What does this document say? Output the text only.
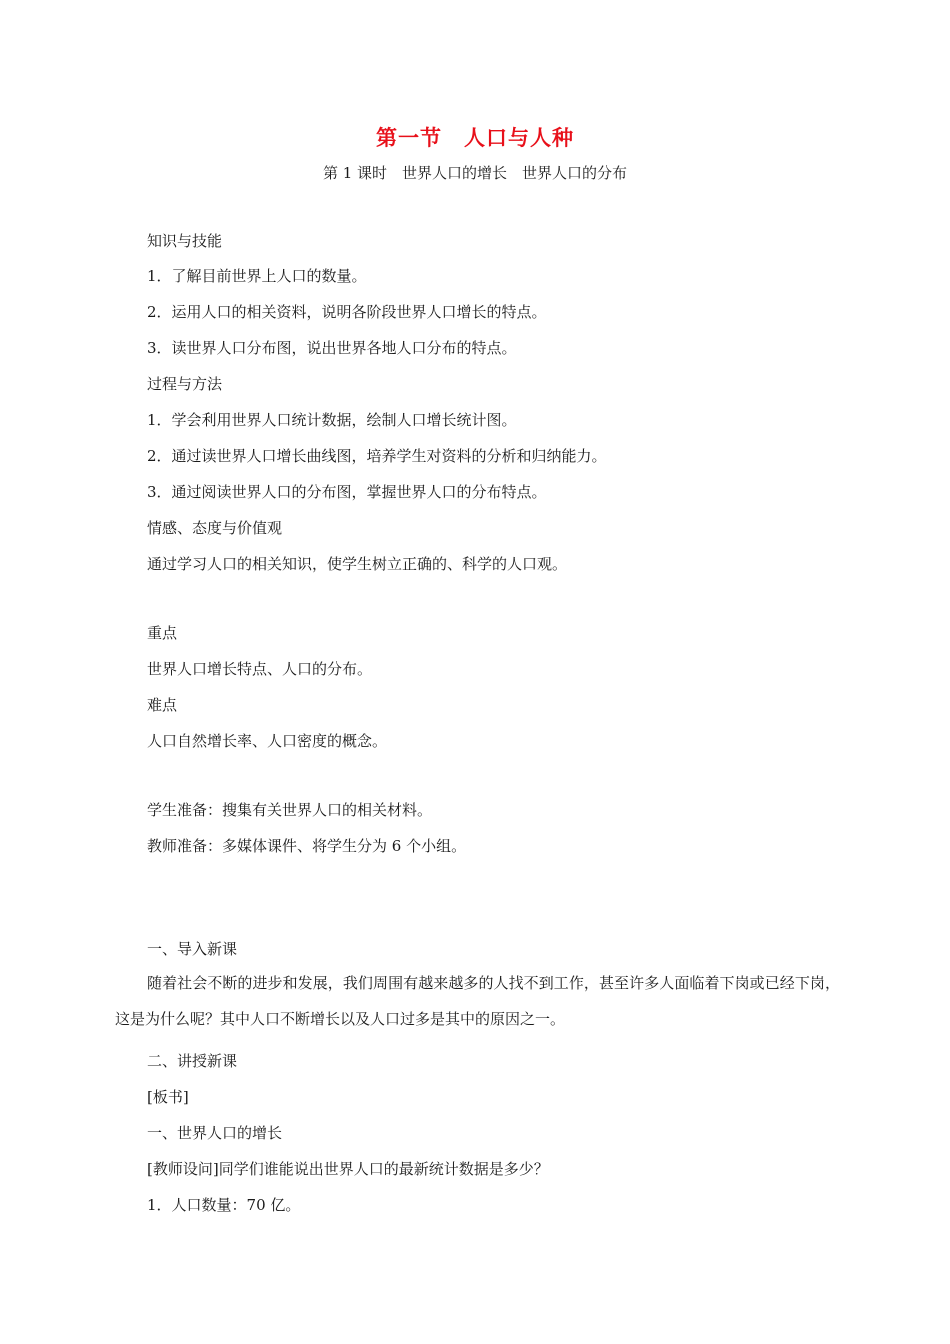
第一节　人口与人种
第 1 课时　世界人口的增长　世界人口的分布
知识与技能
1．了解目前世界上人口的数量。
2．运用人口的相关资料，说明各阶段世界人口增长的特点。
3．读世界人口分布图，说出世界各地人口分布的特点。
过程与方法
1．学会利用世界人口统计数据，绘制人口增长统计图。
2．通过读世界人口增长曲线图，培养学生对资料的分析和归纳能力。
3．通过阅读世界人口的分布图，掌握世界人口的分布特点。
情感、态度与价值观
通过学习人口的相关知识，使学生树立正确的、科学的人口观。
重点
世界人口增长特点、人口的分布。
难点
人口自然增长率、人口密度的概念。
学生准备：搜集有关世界人口的相关材料。
教师准备：多媒体课件、将学生分为 6 个小组。
一、导入新课
随着社会不断的进步和发展，我们周围有越来越多的人找不到工作，甚至许多人面临着下岗或已经下岗，这是为什么呢？其中人口不断增长以及人口过多是其中的原因之一。
二、讲授新课
[板书]
一、世界人口的增长
[教师设问]同学们谁能说出世界人口的最新统计数据是多少？
1．人口数量：70 亿。
